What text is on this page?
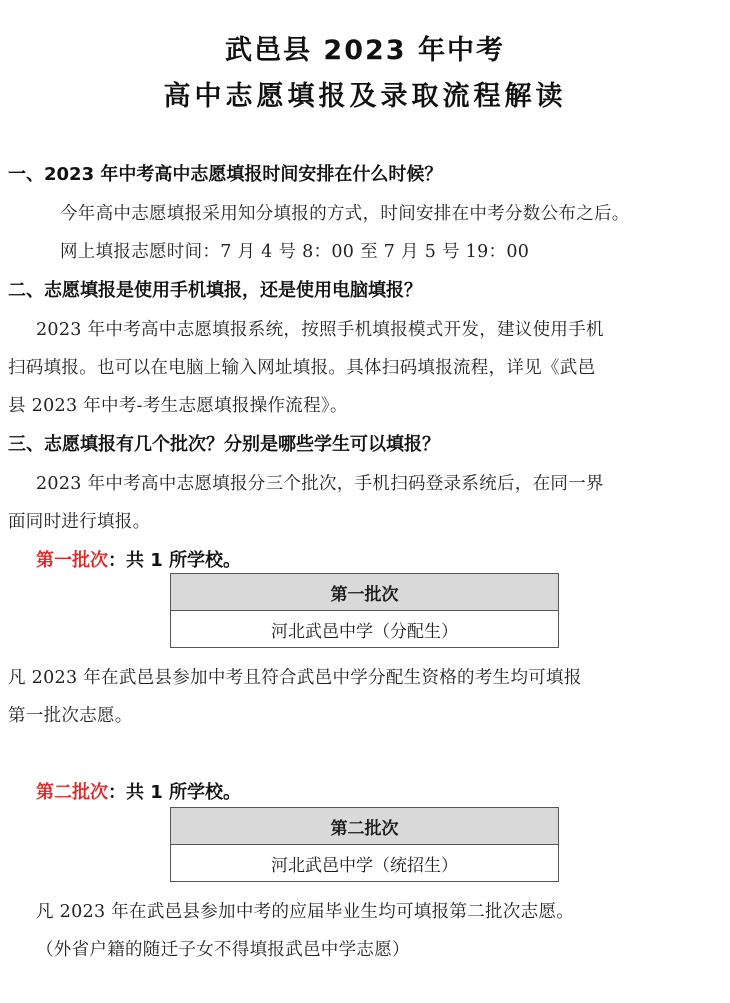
武邑县 2023 年中考
高中志愿填报及录取流程解读
一、2023 年中考高中志愿填报时间安排在什么时候？
今年高中志愿填报采用知分填报的方式，时间安排在中考分数公布之后。
网上填报志愿时间：7 月 4 号 8：00 至 7 月 5 号 19：00
二、志愿填报是使用手机填报，还是使用电脑填报？
2023 年中考高中志愿填报系统，按照手机填报模式开发，建议使用手机
扫码填报。也可以在电脑上输入网址填报。具体扫码填报流程，详见《武邑
县 2023 年中考-考生志愿填报操作流程》。
三、志愿填报有几个批次？分别是哪些学生可以填报？
2023 年中考高中志愿填报分三个批次，手机扫码登录系统后，在同一界
面同时进行填报。
第一批次：共 1 所学校。
第一批次
河北武邑中学（分配生）
凡 2023 年在武邑县参加中考且符合武邑中学分配生资格的考生均可填报
第一批次志愿。
第二批次：共 1 所学校。
第二批次
河北武邑中学（统招生）
凡 2023 年在武邑县参加中考的应届毕业生均可填报第二批次志愿。
（外省户籍的随迁子女不得填报武邑中学志愿）
